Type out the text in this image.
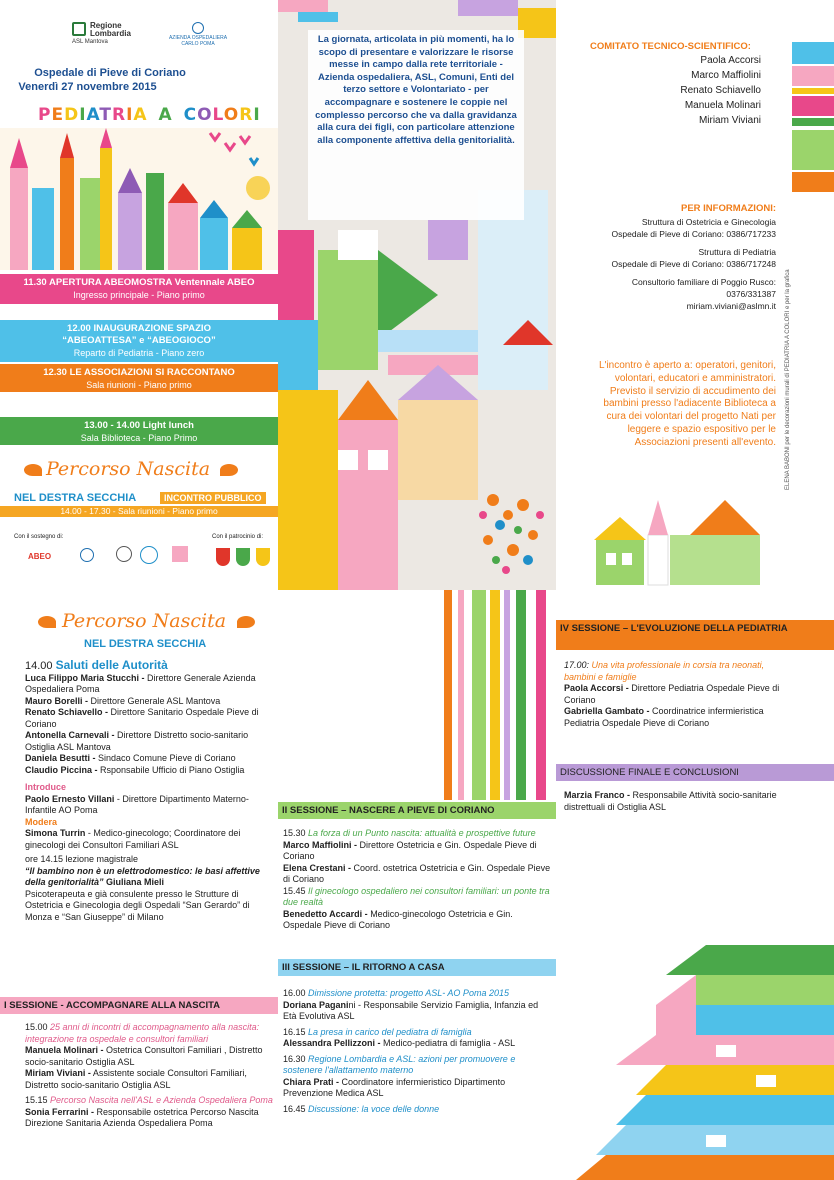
Regione
Lombardia
ASL Mantova
AZIENDA OSPEDALIERA
CARLO POMA
Ospedale di Pieve di Coriano
Venerdì 27 novembre 2015
PEDIATRIA A COLORI
11.30 APERTURA ABEOMOSTRA Ventennale ABEO
Ingresso principale - Piano primo
12.00 INAUGURAZIONE SPAZIO “ABEOATTESA” e “ABEOGIOCO”
Reparto di Pediatria - Piano zero
12.30 LE ASSOCIAZIONI SI RACCONTANO
Sala riunioni - Piano primo
13.00 - 14.00 Light lunch
Sala Biblioteca - Piano Primo
Percorso Nascita
NEL DESTRA SECCHIA	INCONTRO PUBBLICO
14.00 - 17.30 - Sala riunioni - Piano primo
Con il sostegno di:
ABEO
Con il patrocinio di:
La giornata, articolata in più momenti, ha lo scopo di presentare e valorizzare le risorse messe in campo dalla rete territoriale - Azienda ospedaliera, ASL, Comuni, Enti del terzo settore e Volontariato - per accompagnare e sostenere le coppie nel complesso percorso che va dalla gravidanza alla cura dei figli, con particolare attenzione alla componente affettiva della genitorialità.
COMITATO TECNICO-SCIENTIFICO:
Paola Accorsi
Marco Maffiolini
Renato Schiavello
Manuela Molinari
Miriam Viviani
PER INFORMAZIONI:
Struttura di Ostetricia e Ginecologia
Ospedale di Pieve di Coriano: 0386/717233
Struttura di Pediatria
Ospedale di Pieve di Coriano: 0386/717248
Consultorio familiare di Poggio Rusco:
0376/331387
miriam.viviani@aslmn.it
L'incontro è aperto a: operatori, genitori, volontari, educatori e amministratori. Previsto il servizio di accudimento dei bambini presso l'adiacente Biblioteca a cura dei volontari del progetto Nati per leggere e spazio espositivo per le Associazioni presenti all'evento. ELENA BABONI per le decorazioni murali di PEDIATRIA A COLORI e per la grafica
Percorso Nascita
NEL DESTRA SECCHIA
14.00 Saluti delle Autorità
Luca Filippo Maria Stucchi - Direttore Generale Azienda Ospedaliera Poma
Mauro Borelli - Direttore Generale ASL Mantova
Renato Schiavello - Direttore Sanitario Ospedale Pieve di Coriano
Antonella Carnevali - Direttore Distretto socio-sanitario Ostiglia ASL Mantova
Daniela Besutti - Sindaco Comune Pieve di Coriano
Claudio Piccina - Rsponsabile Ufficio di Piano Ostiglia
Introduce
Paolo Ernesto Villani - Direttore Dipartimento Materno-Infantile AO Poma
Modera
Simona Turrin - Medico-ginecologo; Coordinatore dei ginecologi dei Consultori Familiari ASL
ore 14.15 lezione magistrale
“Il bambino non è un elettrodomestico: le basi affettive della genitorialità” Giuliana Mieli
Psicoterapeuta e già consulente presso le Strutture di Ostetricia e Ginecologia degli Ospedali “San Gerardo” di Monza e “San Giuseppe” di Milano
I SESSIONE - ACCOMPAGNARE ALLA NASCITA
15.00 25 anni di incontri di accompagnamento alla nascita: integrazione tra ospedale e consultori familiari
Manuela Molinari - Ostetrica Consultori Familiari , Distretto socio-sanitario Ostiglia ASL
Miriam Viviani - Assistente sociale Consultori Familiari, Distretto socio-sanitario Ostiglia ASL
15.15 Percorso Nascita nell'ASL e Azienda Ospedaliera Poma
Sonia Ferrarini - Responsabile ostetrica Percorso Nascita Direzione Sanitaria Azienda Ospedaliera Poma
II SESSIONE – NASCERE A PIEVE DI CORIANO
15.30 La forza di un Punto nascita: attualità e prospettive future
Marco Maffiolini - Direttore Ostetricia e Gin. Ospedale Pieve di Coriano
Elena Crestani - Coord. ostetrica Ostetricia e Gin. Ospedale Pieve di Coriano
15.45 Il ginecologo ospedaliero nei consultori familiari: un ponte tra due realtà
Benedetto Accardi - Medico-ginecologo Ostetricia e Gin. Ospedale Pieve di Coriano
III SESSIONE – IL RITORNO A CASA
16.00 Dimissione protetta: progetto ASL- AO Poma 2015
Doriana Paganini - Responsabile Servizio Famiglia, Infanzia ed Età Evolutiva ASL
16.15 La presa in carico del pediatra di famiglia
Alessandra Pellizzoni - Medico-pediatra di famiglia - ASL
16.30 Regione Lombardia e ASL: azioni per promuovere e sostenere l'allattamento materno
Chiara Prati - Coordinatore infermieristico Dipartimento Prevenzione Medica ASL
16.45 Discussione: la voce delle donne
IV SESSIONE – L'EVOLUZIONE DELLA PEDIATRIA
17.00: Una vita professionale in corsia tra neonati, bambini e famiglie
Paola Accorsi - Direttore Pediatria Ospedale Pieve di Coriano
Gabriella Gambato - Coordinatrice infermieristica Pediatria Ospedale Pieve di Coriano
DISCUSSIONE FINALE E CONCLUSIONI
Marzia Franco - Responsabile Attività socio-sanitarie distrettuali di Ostiglia ASL
